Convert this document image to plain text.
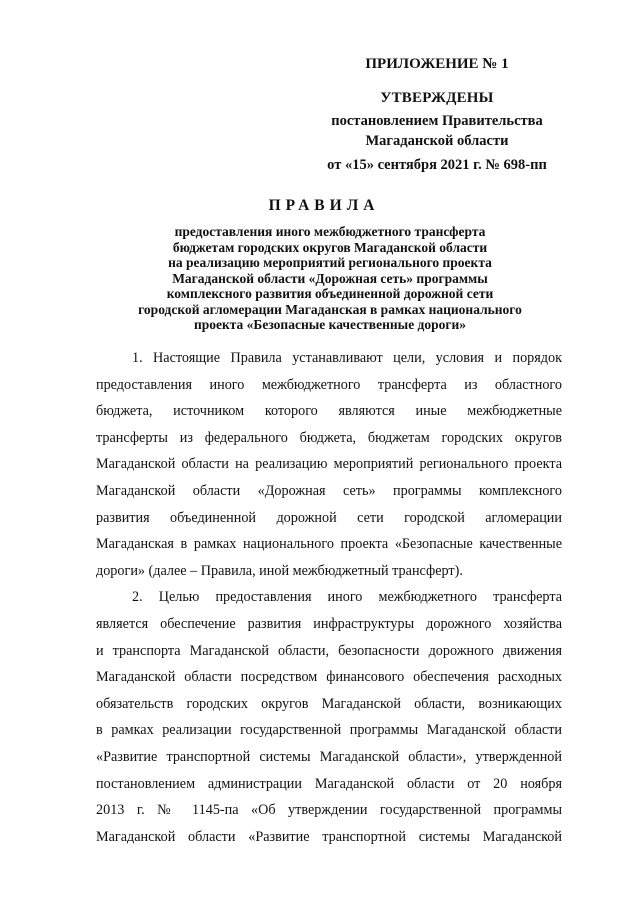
ПРИЛОЖЕНИЕ № 1
УТВЕРЖДЕНЫ
постановлением Правительства
Магаданской области
от «15» сентября 2021 г. № 698-пп
ПРАВИЛА
предоставления иного межбюджетного трансферта
бюджетам городских округов Магаданской области
на реализацию мероприятий регионального проекта
Магаданской области «Дорожная сеть» программы
комплексного развития объединенной дорожной сети
городской агломерации Магаданская в рамках национального
проекта «Безопасные качественные дороги»
1. Настоящие Правила устанавливают цели, условия и порядок
предоставления иного межбюджетного трансферта из областного
бюджета, источником которого являются иные межбюджетные
трансферты из федерального бюджета, бюджетам городских округов
Магаданской области на реализацию мероприятий регионального проекта
Магаданской области «Дорожная сеть» программы комплексного
развития объединенной дорожной сети городской агломерации
Магаданская в рамках национального проекта «Безопасные качественные
дороги» (далее – Правила, иной межбюджетный трансферт).
2. Целью предоставления иного межбюджетного трансферта
является обеспечение развития инфраструктуры дорожного хозяйства
и транспорта Магаданской области, безопасности дорожного движения
Магаданской области посредством финансового обеспечения расходных
обязательств городских округов Магаданской области, возникающих
в рамках реализации государственной программы Магаданской области
«Развитие транспортной системы Магаданской области», утвержденной
постановлением администрации Магаданской области от 20 ноября
2013 г. № 1145-па «Об утверждении государственной программы
Магаданской области «Развитие транспортной системы Магаданской
